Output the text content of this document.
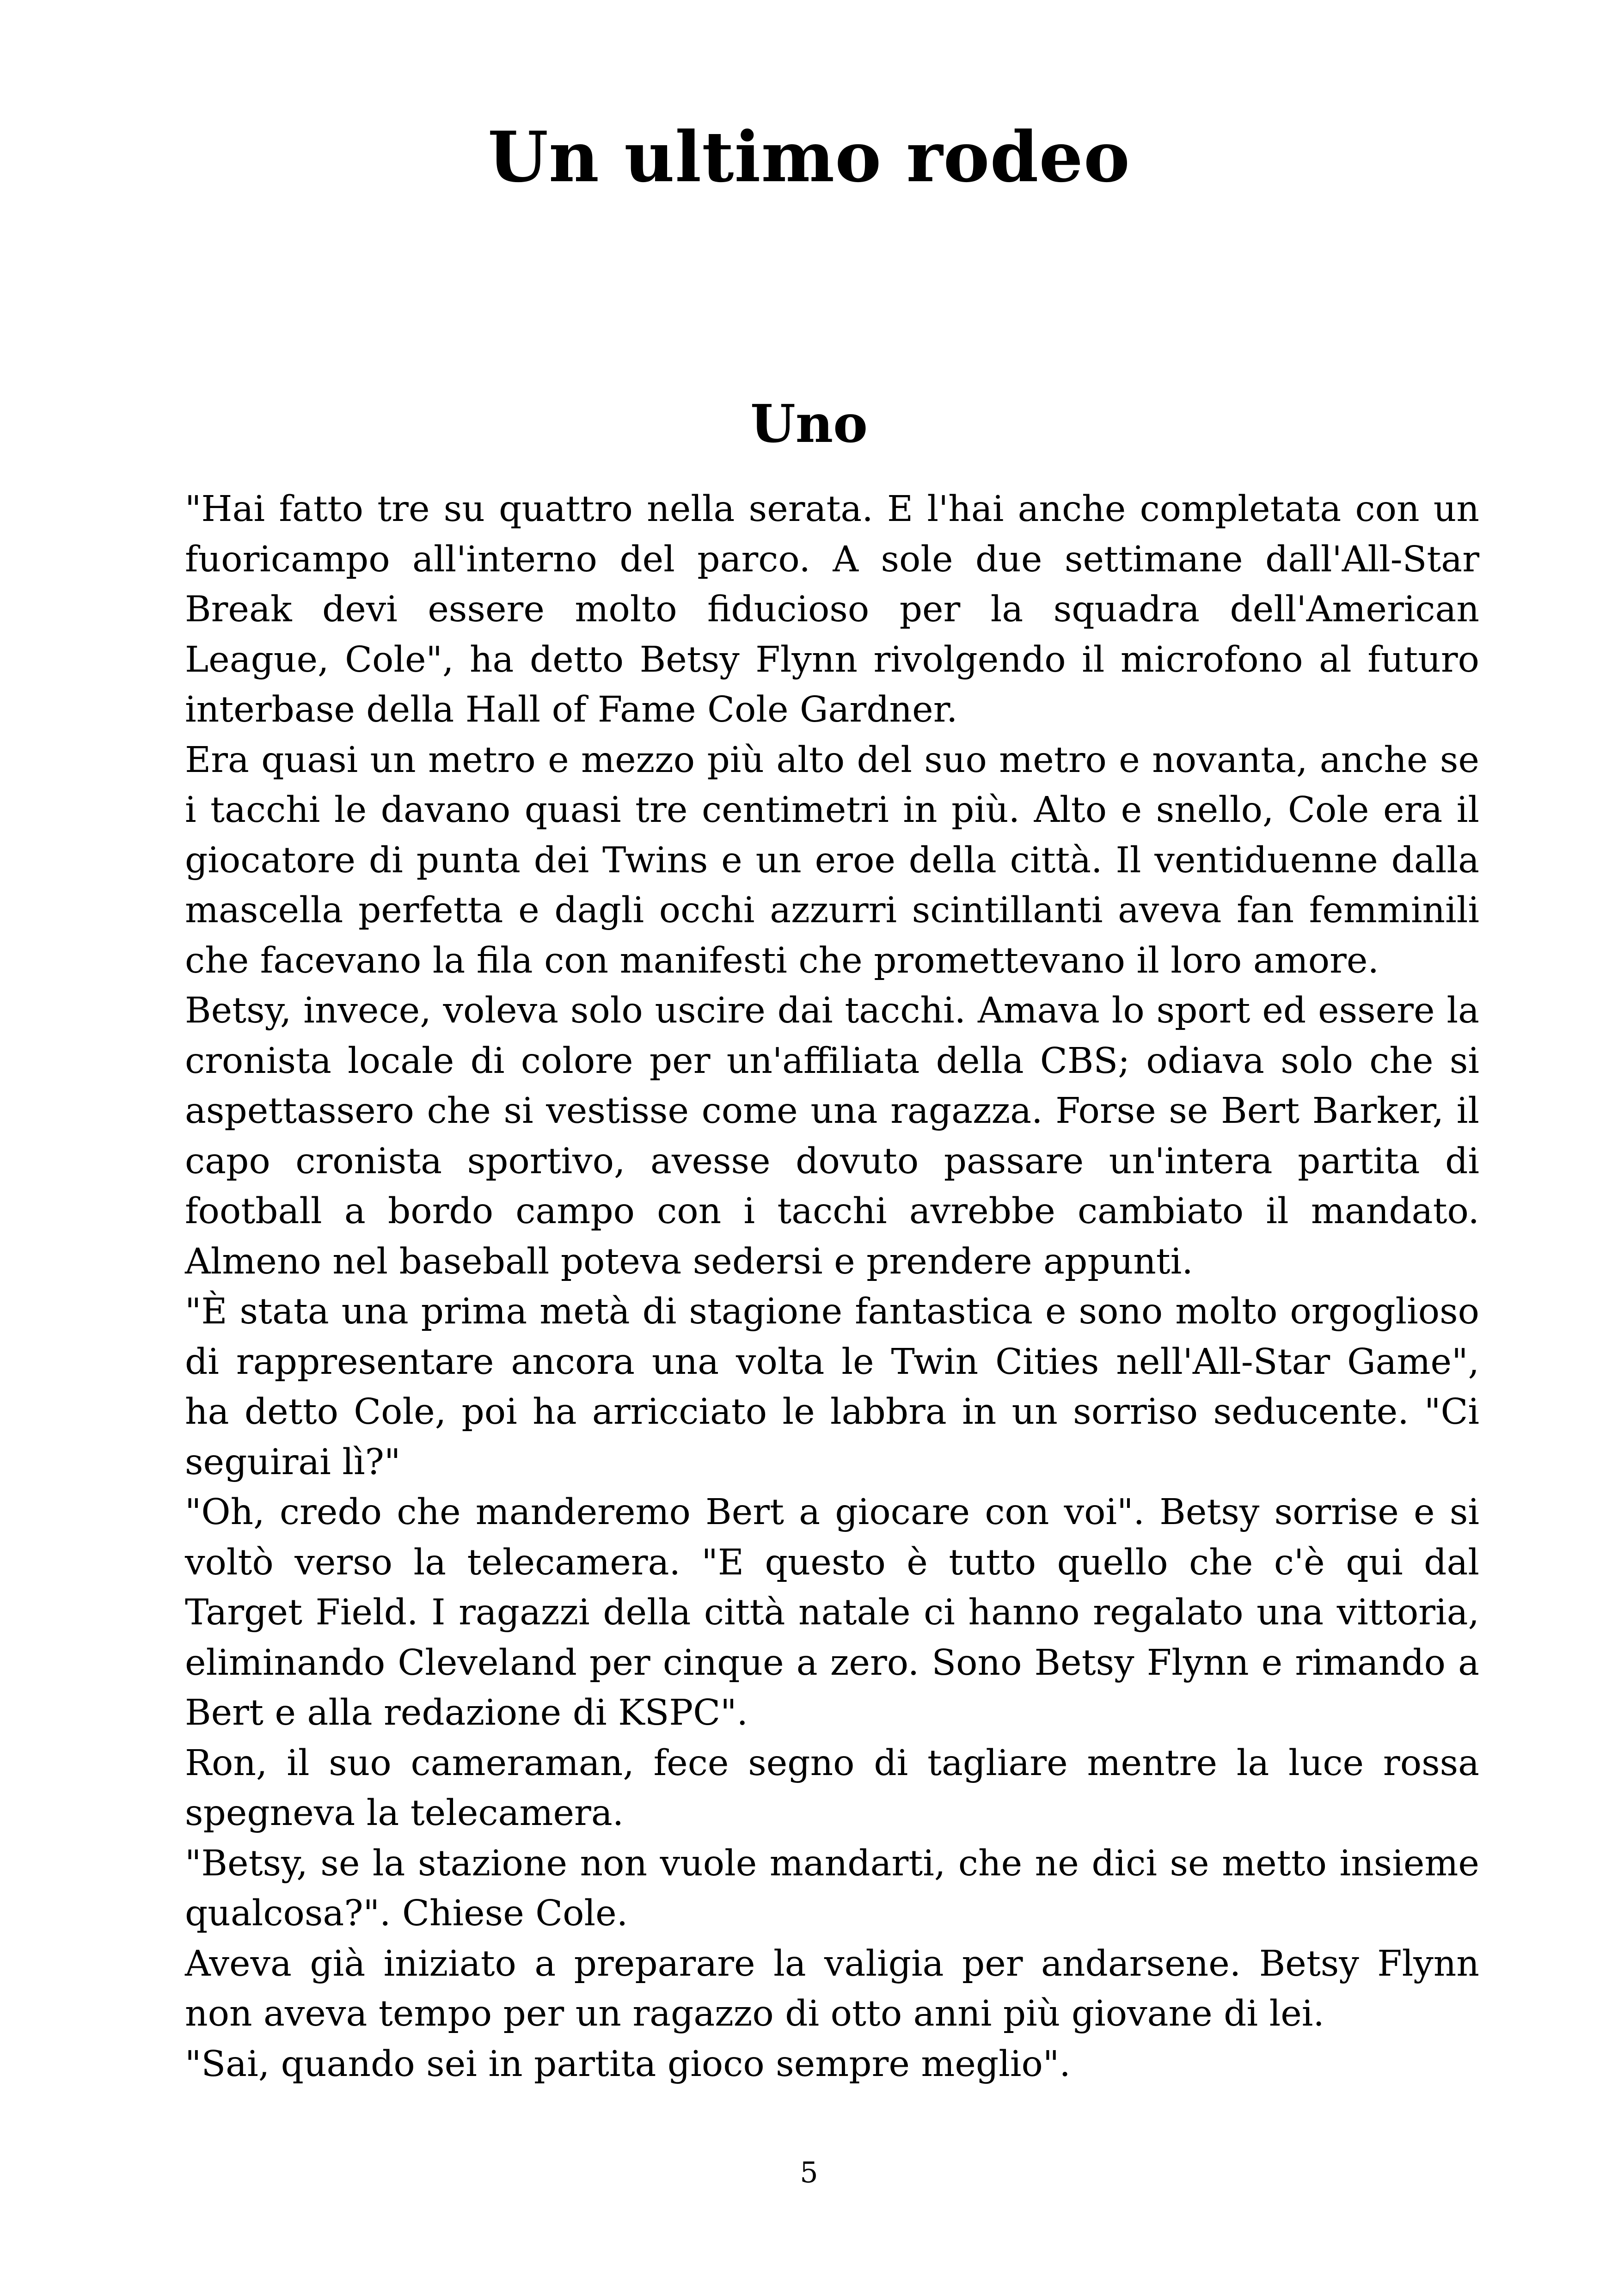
Un ultimo rodeo
Uno

"Hai fatto tre su quattro nella serata. E l'hai anche completata con un fuoricampo all'interno del parco. A sole due settimane dall'All-Star Break devi essere molto fiducioso per la squadra dell'American League, Cole", ha detto Betsy Flynn rivolgendo il microfono al futuro interbase della Hall of Fame Cole Gardner.

Era quasi un metro e mezzo più alto del suo metro e novanta, anche se i tacchi le davano quasi tre centimetri in più. Alto e snello, Cole era il giocatore di punta dei Twins e un eroe della città. Il ventiduenne dalla mascella perfetta e dagli occhi azzurri scintillanti aveva fan femminili che facevano la fila con manifesti che promettevano il loro amore.

Betsy, invece, voleva solo uscire dai tacchi. Amava lo sport ed essere la cronista locale di colore per un'affiliata della CBS; odiava solo che si aspettassero che si vestisse come una ragazza. Forse se Bert Barker, il capo cronista sportivo, avesse dovuto passare un'intera partita di football a bordo campo con i tacchi avrebbe cambiato il mandato. Almeno nel baseball poteva sedersi e prendere appunti.

"È stata una prima metà di stagione fantastica e sono molto orgoglioso di rappresentare ancora una volta le Twin Cities nell'All-Star Game", ha detto Cole, poi ha arricciato le labbra in un sorriso seducente. "Ci seguirai lì?"

"Oh, credo che manderemo Bert a giocare con voi". Betsy sorrise e si voltò verso la telecamera. "E questo è tutto quello che c'è qui dal Target Field. I ragazzi della città natale ci hanno regalato una vittoria, eliminando Cleveland per cinque a zero. Sono Betsy Flynn e rimando a Bert e alla redazione di KSPC".

Ron, il suo cameraman, fece segno di tagliare mentre la luce rossa spegneva la telecamera.

"Betsy, se la stazione non vuole mandarti, che ne dici se metto insieme qualcosa?". Chiese Cole.

Aveva già iniziato a preparare la valigia per andarsene. Betsy Flynn non aveva tempo per un ragazzo di otto anni più giovane di lei.

"Sai, quando sei in partita gioco sempre meglio".

5
